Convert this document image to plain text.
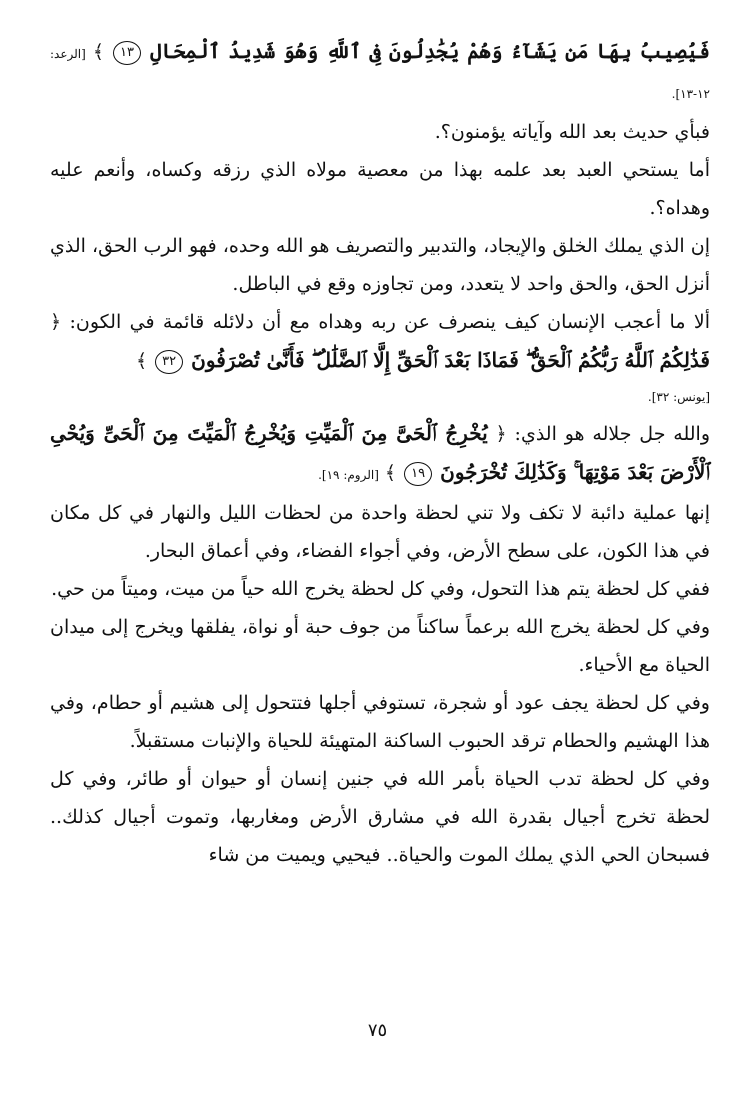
فَيُصِيبُ بِهَا مَن يَشَآءُ وَهُمْ يُجَٰدِلُونَ فِى ٱللَّهِ وَهُوَ شَدِيدُ ٱلْمِحَالِ ١٣ ﴾ [الرعد: ١٢-١٣].

فبأي حديث بعد الله وآياته يؤمنون؟.

أما يستحي العبد بعد علمه بهذا من معصية مولاه الذي رزقه وكساه، وأنعم عليه وهداه؟.

إن الذي يملك الخلق والإيجاد، والتدبير والتصريف هو الله وحده، فهو الرب الحق، الذي أنزل الحق، والحق واحد لا يتعدد، ومن تجاوزه وقع في الباطل.

ألا ما أعجب الإنسان كيف ينصرف عن ربه وهداه مع أن دلائله قائمة في الكون: ﴿ فَذَٰلِكُمُ ٱللَّهُ رَبُّكُمُ ٱلْحَقُّ ۖ فَمَاذَا بَعْدَ ٱلْحَقِّ إِلَّا ٱلضَّلَٰلُ ۖ فَأَنَّىٰ تُصْرَفُونَ ٣٢ ﴾

[يونس: ٣٢].

والله جل جلاله هو الذي: ﴿ يُخْرِجُ ٱلْحَىَّ مِنَ ٱلْمَيِّتِ وَيُخْرِجُ ٱلْمَيِّتَ مِنَ ٱلْحَىِّ وَيُحْىِ ٱلْأَرْضَ بَعْدَ مَوْتِهَا ۚ وَكَذَٰلِكَ تُخْرَجُونَ ١٩ ﴾ [الروم: ١٩].

إنها عملية دائبة لا تكف ولا تني لحظة واحدة من لحظات الليل والنهار في كل مكان في هذا الكون، على سطح الأرض، وفي أجواء الفضاء، وفي أعماق البحار.

ففي كل لحظة يتم هذا التحول، وفي كل لحظة يخرج الله حياً من ميت، وميتاً من حي.

وفي كل لحظة يخرج الله برعماً ساكناً من جوف حبة أو نواة، يفلقها ويخرج إلى ميدان الحياة مع الأحياء.

وفي كل لحظة يجف عود أو شجرة، تستوفي أجلها فتتحول إلى هشيم أو حطام، وفي هذا الهشيم والحطام ترقد الحبوب الساكنة المتهيئة للحياة والإنبات مستقبلاً.

وفي كل لحظة تدب الحياة بأمر الله في جنين إنسان أو حيوان أو طائر، وفي كل لحظة تخرج أجيال بقدرة الله في مشارق الأرض ومغاربها، وتموت أجيال كذلك.. فسبحان الحي الذي يملك الموت والحياة.. فيحيي ويميت من شاء

٧٥
